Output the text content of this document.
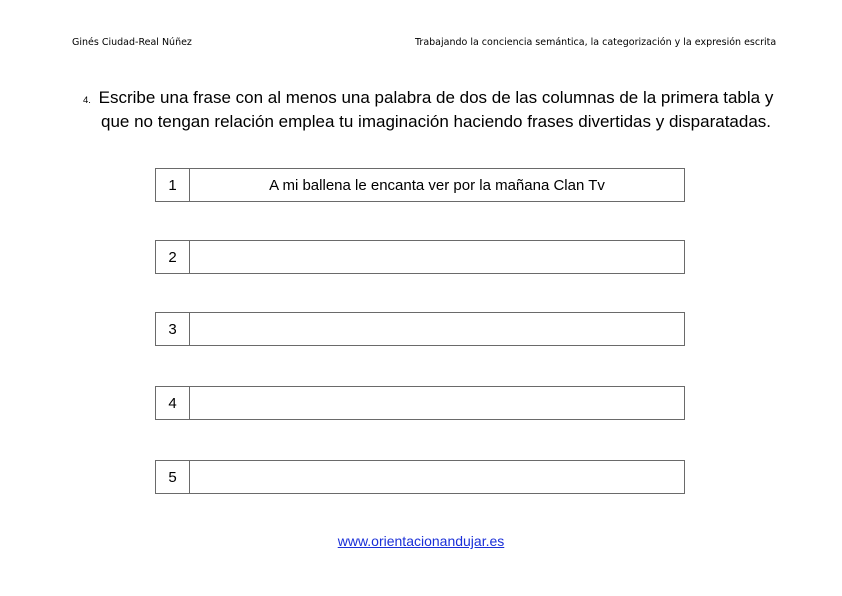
Ginés Ciudad-Real Núñez	Trabajando la conciencia semántica, la categorización y la expresión escrita
4. Escribe una frase con al menos una palabra de dos de las columnas de la primera tabla y que no tengan relación emplea tu imaginación haciendo frases divertidas y disparatadas.
1	A mi ballena le encanta ver por la mañana Clan Tv
2
3
4
5
www.orientacionandujar.es
